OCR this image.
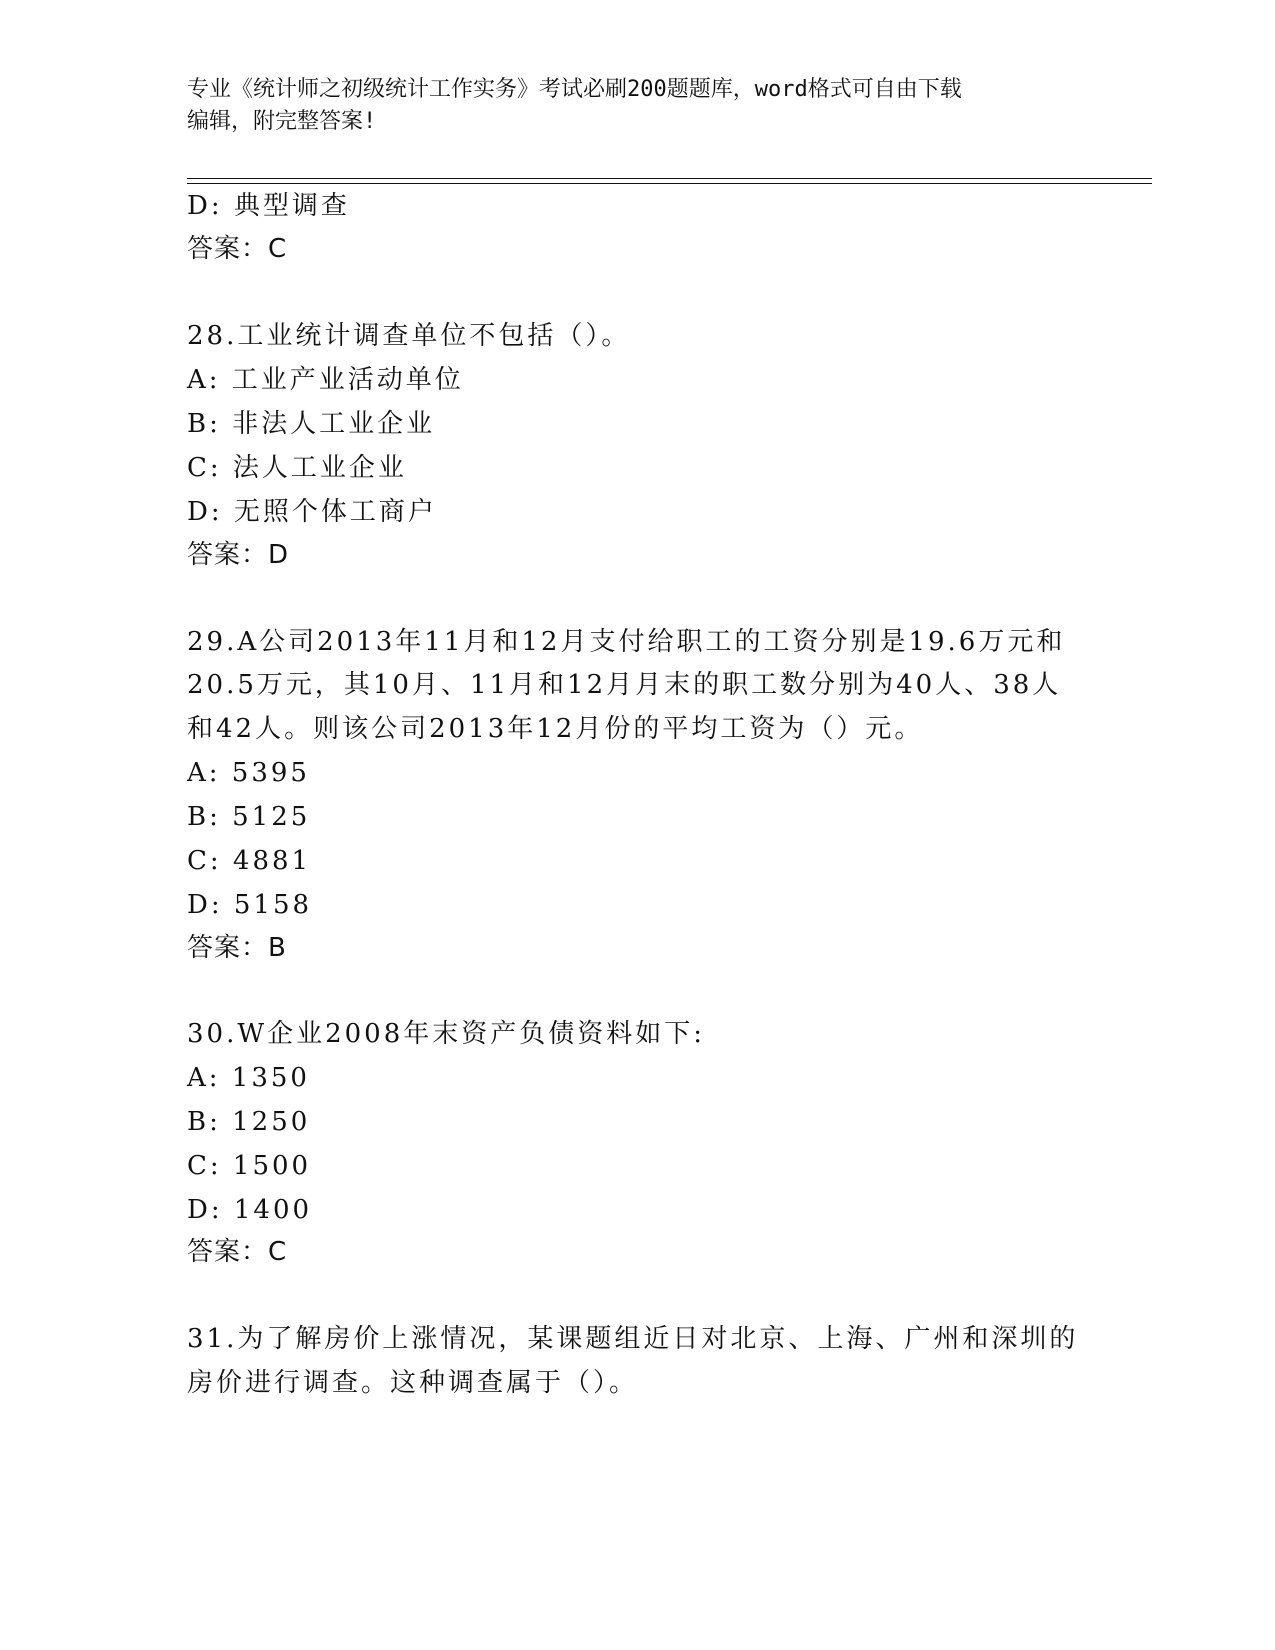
专业《统计师之初级统计工作实务》考试必刷200题题库，word格式可自由下载
编辑，附完整答案!
D: 典型调查
答案：C
28.工业统计调查单位不包括（）。
A: 工业产业活动单位
B: 非法人工业企业
C: 法人工业企业
D: 无照个体工商户
答案：D
29.A公司2013年11月和12月支付给职工的工资分别是19.6万元和
20.5万元，其10月、11月和12月月末的职工数分别为40人、38人
和42人。则该公司2013年12月份的平均工资为（）元。
A: 5395
B: 5125
C: 4881
D: 5158
答案：B
30.W企业2008年末资产负债资料如下:
A: 1350
B: 1250
C: 1500
D: 1400
答案：C
31.为了解房价上涨情况，某课题组近日对北京、上海、广州和深圳的
房价进行调查。这种调查属于（）。
